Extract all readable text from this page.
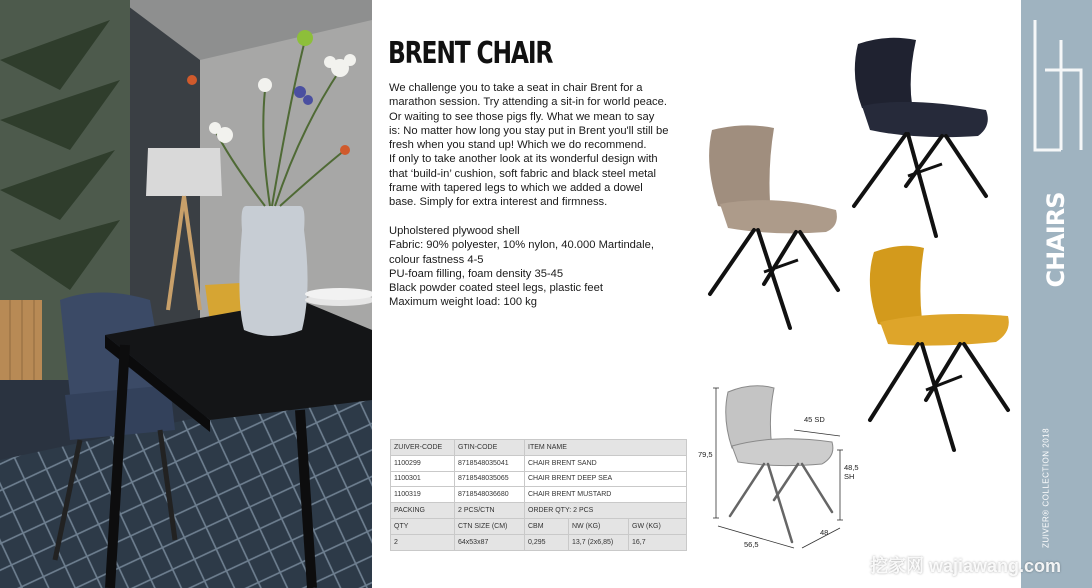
BRENT CHAIR
We challenge you to take a seat in chair Brent for a
marathon session. Try attending a sit-in for world peace.
Or waiting to see those pigs fly. What we mean to say
is: No matter how long you stay put in Brent you'll still be
fresh when you stand up! Which we do recommend.
If only to take another look at its wonderful design with
that ‘build-in’ cushion, soft fabric and black steel metal
frame with tapered legs to which we added a dowel
base. Simply for extra interest and firmness.
Upholstered plywood shell
Fabric: 90% polyester, 10% nylon, 40.000 Martindale,
colour fastness 4-5
PU-foam filling, foam density 35-45
Black powder coated steel legs, plastic feet
Maximum weight load: 100 kg
ZUIVER-CODE	GTIN-CODE	ITEM NAME		
1100299	8718548035041	CHAIR BRENT SAND		
1100301	8718548035065	CHAIR BRENT DEEP SEA		
1100319	8718548036680	CHAIR BRENT MUSTARD		
PACKING	2 PCS/CTN	ORDER QTY: 2 PCS		
QTY	CTN SIZE (CM)	CBM	NW (KG)	GW (KG)
2	64x53x87	0,295	13,7 (2x6,85)	16,7
79,5
45 SD
48,5
SH
56,5
48
CHAIRS
ZUIVER® COLLECTION 2018
挖家网 wajiawang.com
